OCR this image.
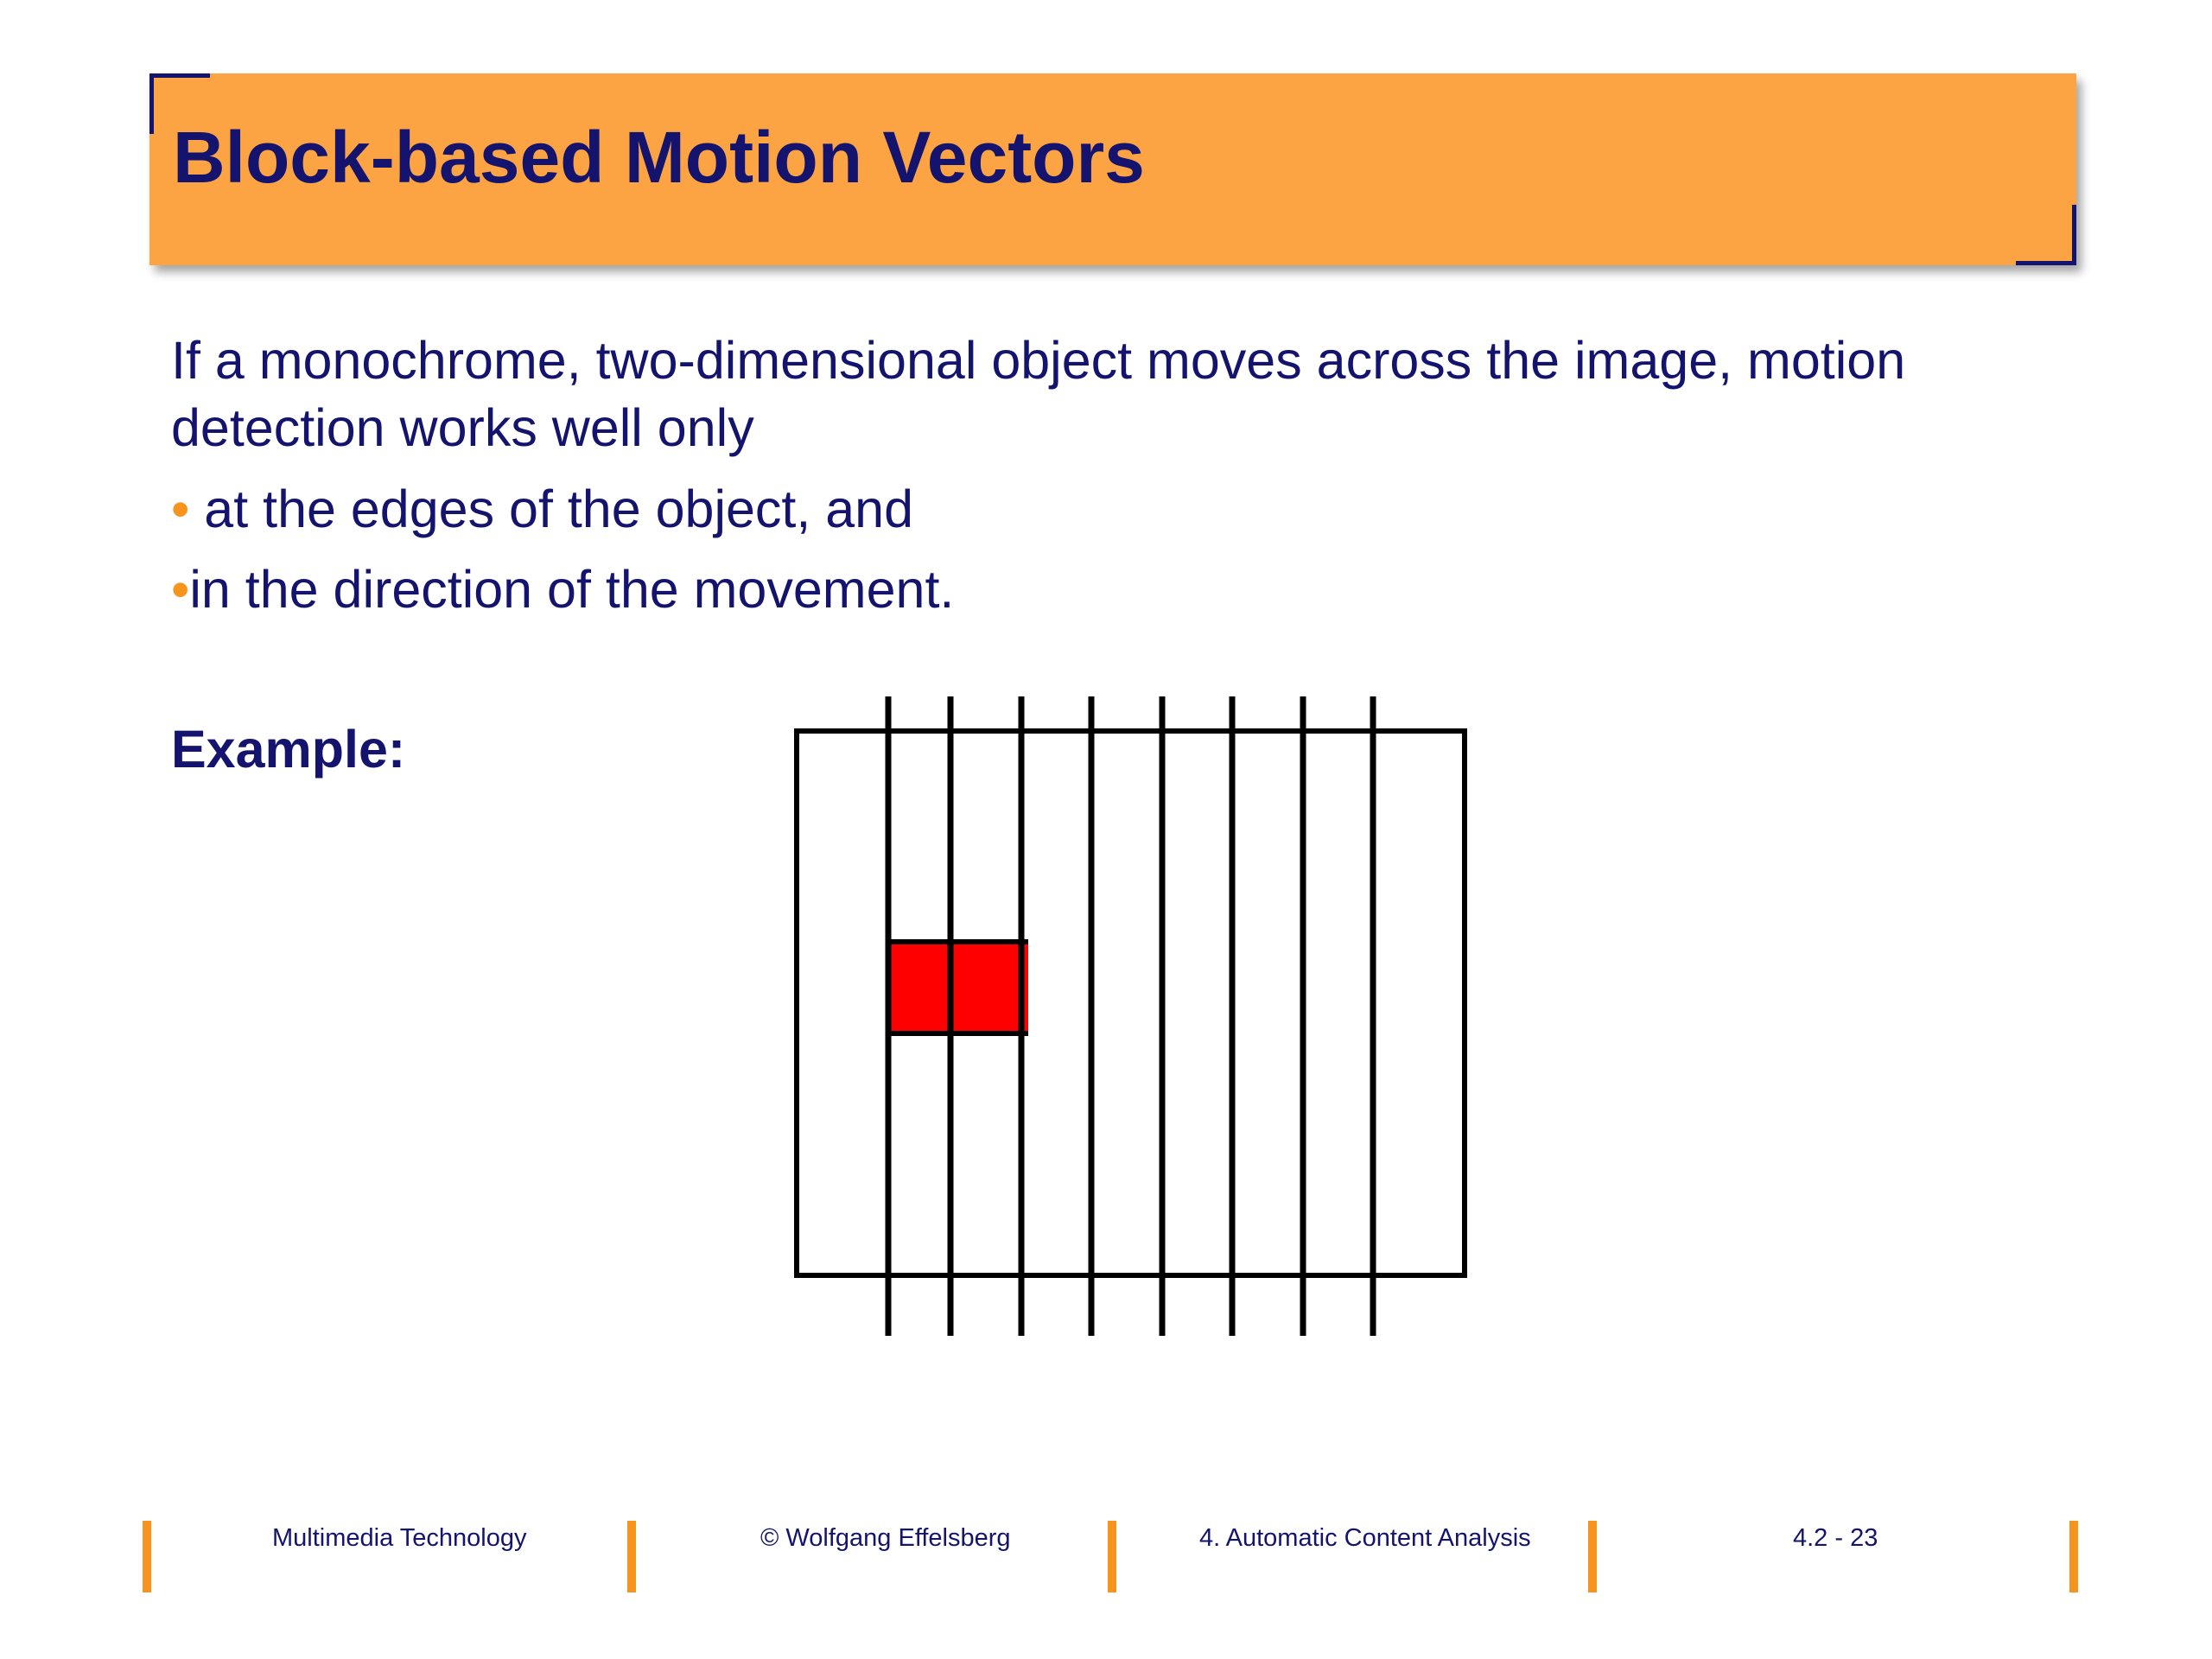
Block-based Motion Vectors

If a monochrome, two-dimensional object moves across the image, motion detection works well only

• at the edges of the object, and

•in the direction of the movement.

Example:

Multimedia Technology	© Wolfgang Effelsberg	4. Automatic Content Analysis	4.2 - 23
